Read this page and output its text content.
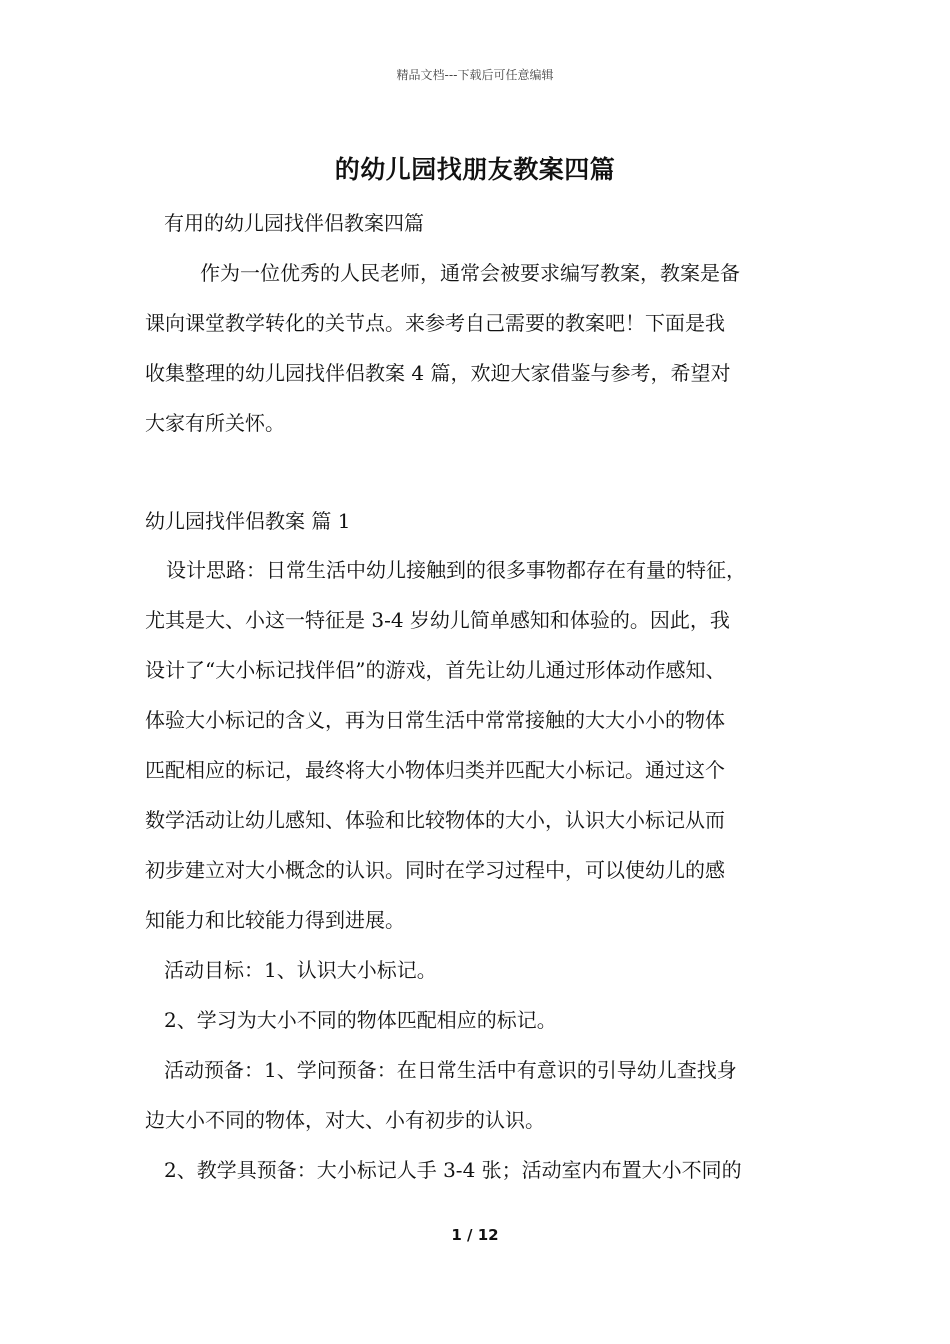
精品文档---下载后可任意编辑
的幼儿园找朋友教案四篇
有用的幼儿园找伴侣教案四篇
作为一位优秀的人民老师，通常会被要求编写教案，教案是备
课向课堂教学转化的关节点。来参考自己需要的教案吧！下面是我
收集整理的幼儿园找伴侣教案 4 篇，欢迎大家借鉴与参考，希望对
大家有所关怀。
幼儿园找伴侣教案 篇 1
设计思路：日常生活中幼儿接触到的很多事物都存在有量的特征，
尤其是大、小这一特征是 3-4 岁幼儿简单感知和体验的。因此，我
设计了“大小标记找伴侣”的游戏，首先让幼儿通过形体动作感知、
体验大小标记的含义，再为日常生活中常常接触的大大小小的物体
匹配相应的标记，最终将大小物体归类并匹配大小标记。通过这个
数学活动让幼儿感知、体验和比较物体的大小，认识大小标记从而
初步建立对大小概念的认识。同时在学习过程中，可以使幼儿的感
知能力和比较能力得到进展。
活动目标：1、认识大小标记。
2、学习为大小不同的物体匹配相应的标记。
活动预备：1、学问预备：在日常生活中有意识的引导幼儿查找身
边大小不同的物体，对大、小有初步的认识。
2、教学具预备：大小标记人手 3-4 张；活动室内布置大小不同的
1 / 12
